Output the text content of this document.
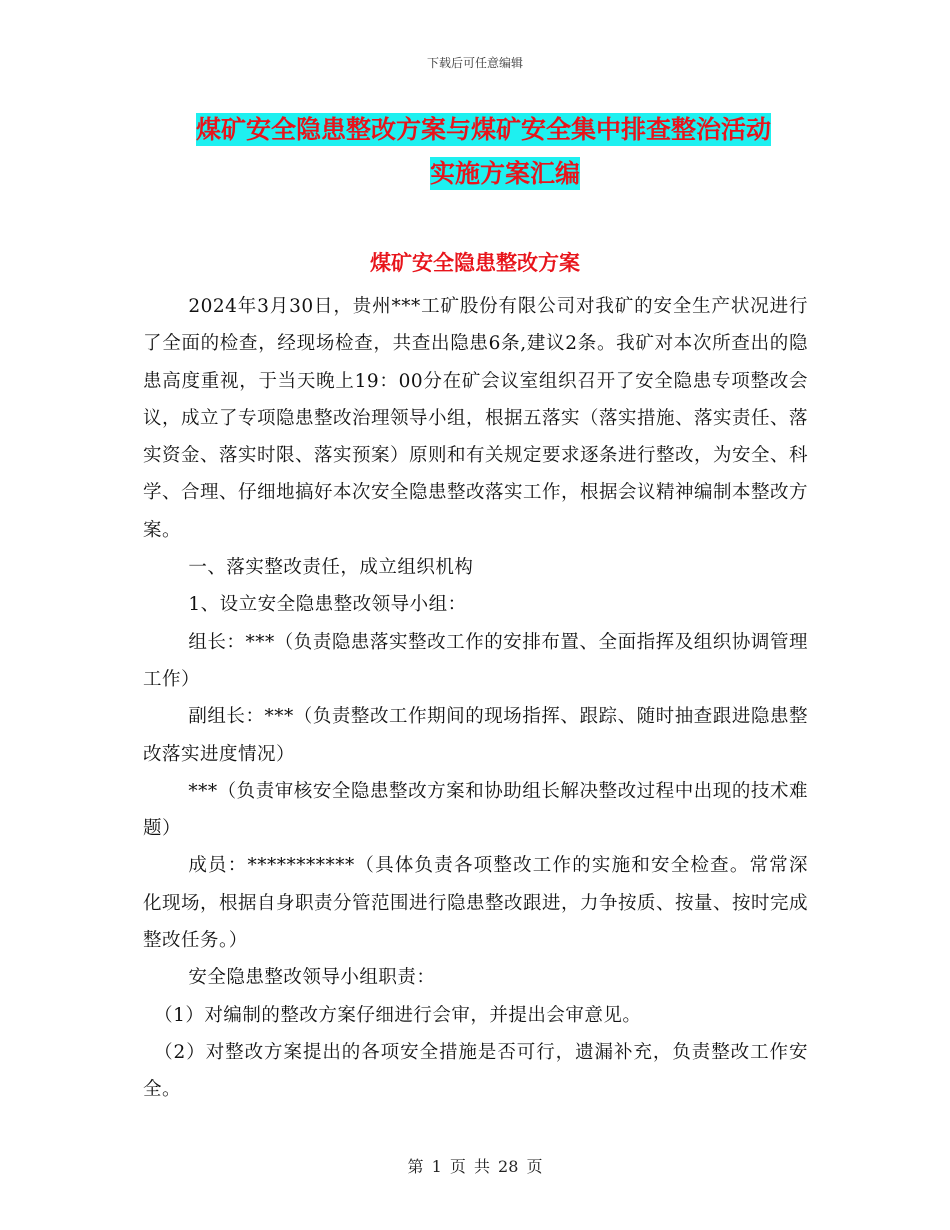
下载后可任意编辑
煤矿安全隐患整改方案与煤矿安全集中排查整治活动
实施方案汇编
煤矿安全隐患整改方案

2024年3月30日，贵州***工矿股份有限公司对我矿的安全生产状况进行了全面的检查，经现场检查，共查出隐患6条,建议2条。我矿对本次所查出的隐患高度重视，于当天晚上19：00分在矿会议室组织召开了安全隐患专项整改会议，成立了专项隐患整改治理领导小组，根据五落实（落实措施、落实责任、落实资金、落实时限、落实预案）原则和有关规定要求逐条进行整改，为安全、科学、合理、仔细地搞好本次安全隐患整改落实工作，根据会议精神编制本整改方案。

一、落实整改责任，成立组织机构

1、设立安全隐患整改领导小组：

组长：***（负责隐患落实整改工作的安排布置、全面指挥及组织协调管理工作）

副组长：***（负责整改工作期间的现场指挥、跟踪、随时抽查跟进隐患整改落实进度情况）

***（负责审核安全隐患整改方案和协助组长解决整改过程中出现的技术难题）

成员：***********（具体负责各项整改工作的实施和安全检查。常常深化现场，根据自身职责分管范围进行隐患整改跟进，力争按质、按量、按时完成整改任务。）

安全隐患整改领导小组职责：

（1）对编制的整改方案仔细进行会审，并提出会审意见。

（2）对整改方案提出的各项安全措施是否可行，遗漏补充，负责整改工作安全。

第 1 页 共 28 页
